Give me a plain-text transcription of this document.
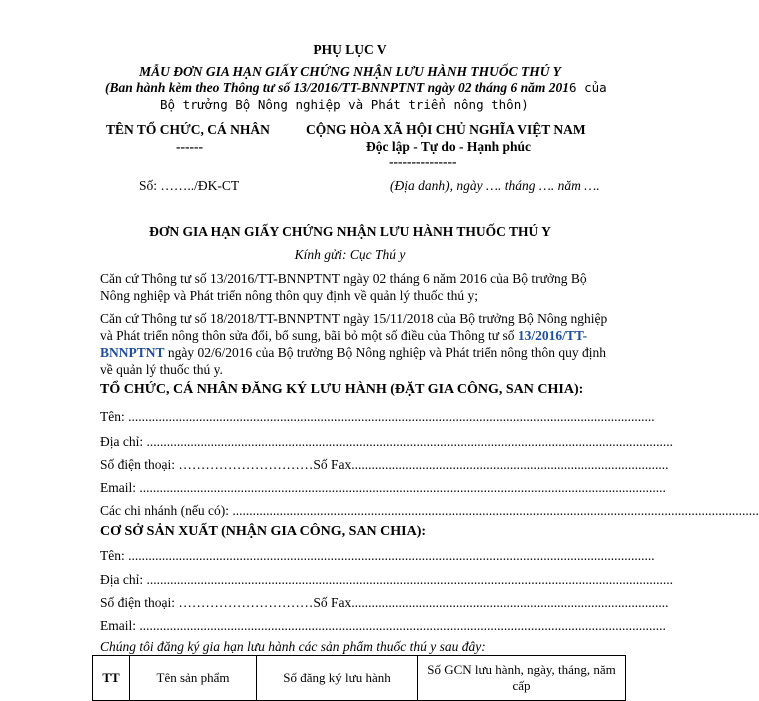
PHỤ LỤC V
MẪU ĐƠN GIA HẠN GIẤY CHỨNG NHẬN LƯU HÀNH THUỐC THÚ Y
(Ban hành kèm theo Thông tư số 13/2016/TT-BNNPTNT ngày 02 tháng 6 năm 2016 của
Bộ trưởng Bộ Nông nghiệp và Phát triển nông thôn)
TÊN TỔ CHỨC, CÁ NHÂN
------
CỘNG HÒA XÃ HỘI CHỦ NGHĨA VIỆT NAM
Độc lập - Tự do - Hạnh phúc
---------------
Số: ……../ĐK-CT	(Địa danh), ngày …. tháng …. năm ….
ĐƠN GIA HẠN GIẤY CHỨNG NHẬN LƯU HÀNH THUỐC THÚ Y
Kính gửi: Cục Thú y
Căn cứ Thông tư số 13/2016/TT-BNNPTNT ngày 02 tháng 6 năm 2016 của Bộ trưởng Bộ Nông nghiệp và Phát triển nông thôn quy định về quản lý thuốc thú y;
Căn cứ Thông tư số 18/2018/TT-BNNPTNT ngày 15/11/2018 của Bộ trưởng Bộ Nông nghiệp và Phát triển nông thôn sửa đổi, bổ sung, bãi bỏ một số điều của Thông tư số 13/2016/TT-BNNPTNT ngày 02/6/2016 của Bộ trưởng Bộ Nông nghiệp và Phát triển nông thôn quy định về quản lý thuốc thú y.
TỔ CHỨC, CÁ NHÂN ĐĂNG KÝ LƯU HÀNH (ĐẶT GIA CÔNG, SAN CHIA):
Tên: ............................................................................................................................................................
Địa chỉ: ............................................................................................................................................................
Số điện thoại: …………………………Số Fax..............................................................................................
Email: ............................................................................................................................................................
Các chi nhánh (nếu có): ............................................................................................................................................................
CƠ SỞ SẢN XUẤT (NHẬN GIA CÔNG, SAN CHIA):
Tên: ............................................................................................................................................................
Địa chỉ: ............................................................................................................................................................
Số điện thoại: …………………………Số Fax..............................................................................................
Email: ............................................................................................................................................................
Chúng tôi đăng ký gia hạn lưu hành các sản phẩm thuốc thú y sau đây:
TT	Tên sản phẩm	Số đăng ký lưu hành	Số GCN lưu hành, ngày, tháng, năm cấp
